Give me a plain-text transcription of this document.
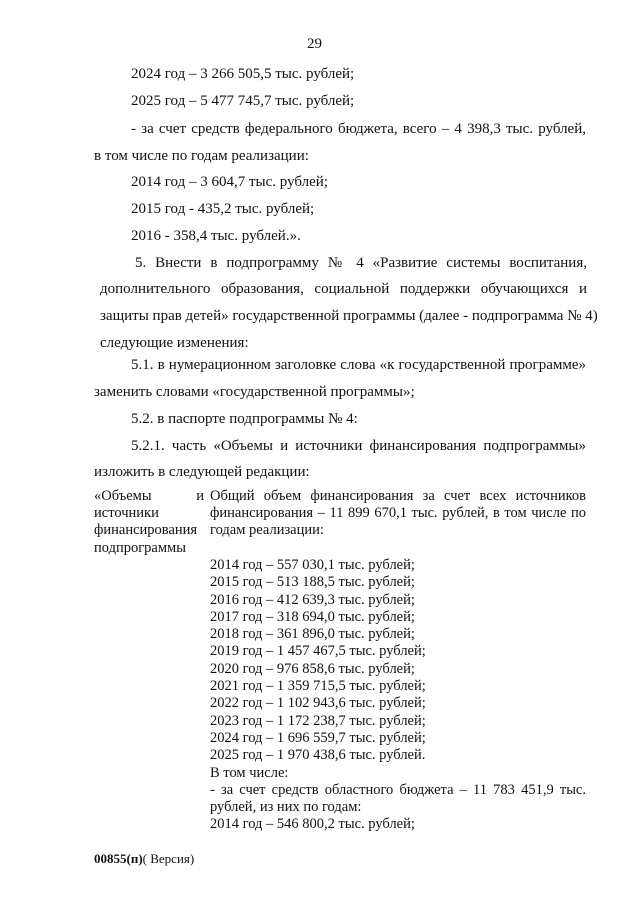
29
2024 год – 3 266 505,5 тыс. рублей;
2025 год – 5 477 745,7 тыс. рублей;
- за счет средств федерального бюджета, всего – 4 398,3 тыс. рублей,
в том числе по годам реализации:
2014 год – 3 604,7 тыс. рублей;
2015 год - 435,2 тыс. рублей;
2016 - 358,4 тыс. рублей.».
5. Внести в подпрограмму № 4 «Развитие системы воспитания,
дополнительного образования, социальной поддержки обучающихся и
защиты прав детей» государственной программы (далее - подпрограмма № 4)
следующие изменения:
5.1. в нумерационном заголовке слова «к государственной программе»
заменить словами «государственной программы»;
5.2. в паспорте подпрограммы № 4:
5.2.1. часть «Объемы и источники финансирования подпрограммы»
изложить в следующей редакции:
«Объемы	и
источники
финансирования
подпрограммы
Общий объем финансирования за счет всех источников
финансирования – 11 899 670,1 тыс. рублей, в том числе по
годам реализации:
2014 год – 557 030,1 тыс. рублей;
2015 год – 513 188,5 тыс. рублей;
2016 год – 412 639,3 тыс. рублей;
2017 год – 318 694,0 тыс. рублей;
2018 год – 361 896,0 тыс. рублей;
2019 год – 1 457 467,5 тыс. рублей;
2020 год – 976 858,6 тыс. рублей;
2021 год – 1 359 715,5 тыс. рублей;
2022 год – 1 102 943,6 тыс. рублей;
2023 год – 1 172 238,7 тыс. рублей;
2024 год – 1 696 559,7 тыс. рублей;
2025 год – 1 970 438,6 тыс. рублей.
В том числе:
- за счет средств областного бюджета – 11 783 451,9 тыс.
рублей, из них по годам:
2014 год – 546 800,2 тыс. рублей;
00855(п)( Версия)
